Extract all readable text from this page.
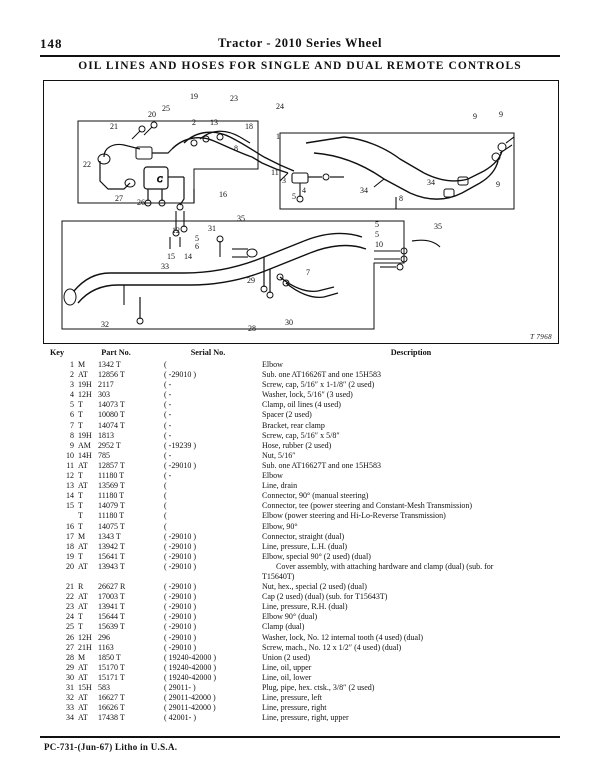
148	Tractor - 2010 Series Wheel
OIL LINES AND HOSES FOR SINGLE AND DUAL REMOTE CONTROLS
C
19
25
20
23
24
21
9	9
2 13	18
1
22
8
9
27 26
11
3
5
4	34
8
34
12
16
15 14
31
5
6
35
5
5
10
35
33
29
32	28
30
7
T 7968
Key	Part No.	Serial No.	Description
1 M	1342 T	(	Elbow
2 AT	12856 T	( -29010 )	Sub. one AT16626T and one 15H583
3 19H 2117	( -	Screw, cap, 5/16″ x 1-1/8″ (2 used)
4 12H 303	( -	Washer, lock, 5/16″ (3 used)
5 T	14073 T	( -	Clamp, oil lines (4 used)
6 T	10080 T	( -	Spacer (2 used)
7 T	14074 T	( -	Bracket, rear clamp
8 19H 1813	( -	Screw, cap, 5/16″ x 5/8″
9 AM 2952 T	( -19239 )	Hose, rubber (2 used)
10 14H 785	( -	Nut, 5/16″
11 AT	12857 T	( -29010 )	Sub. one AT16627T and one 15H583
12 T	11180 T	( -	Elbow
13 AT	13569 T	(	Line, drain
14 T	11180 T	(	Connector, 90° (manual steering)
15 T	14079 T	(	Connector, tee (power steering and Constant-Mesh Transmission)
T	11180 T	(	Elbow (power steering and Hi-Lo-Reverse Transmission)
16 T	14075 T	(	Elbow, 90°
17 M	1343 T	( -29010 )	Connector, straight (dual)
18 AT	13942 T	( -29010 )	Line, pressure, L.H. (dual)
19 T	15641 T	( -29010 )	Elbow, special 90° (2 used) (dual)
20 AT	13943 T	( -29010 )	Cover assembly, with attaching hardware and clamp (dual) (sub. for
T15640T)
21 R	26627 R	( -29010 )	Nut, hex., special (2 used) (dual)
22 AT	17003 T	( -29010 )	Cap (2 used) (dual) (sub. for T15643T)
23 AT	13941 T	( -29010 )	Line, pressure, R.H. (dual)
24 T	15644 T	( -29010 )	Elbow 90° (dual)
25 T	15639 T	( -29010 )	Clamp (dual)
26 12H 296	( -29010 )	Washer, lock, No. 12 internal tooth (4 used) (dual)
27 21H 1163	( -29010 )	Screw, mach., No. 12 x 1/2″ (4 used) (dual)
28 M	1850 T	( 19240-42000 )	Union (2 used)
29 AT	15170 T	( 19240-42000 )	Line, oil, upper
30 AT	15171 T	( 19240-42000 )	Line, oil, lower
31 15H 583	( 29011- )	Plug, pipe, hex. ctsk., 3/8″ (2 used)
32 AT	16627 T	( 29011-42000 )	Line, pressure, left
33 AT	16626 T	( 29011-42000 )	Line, pressure, right
34 AT	17438 T	( 42001- )	Line, pressure, right, upper
PC-731-(Jun-67) Litho in U.S.A.
